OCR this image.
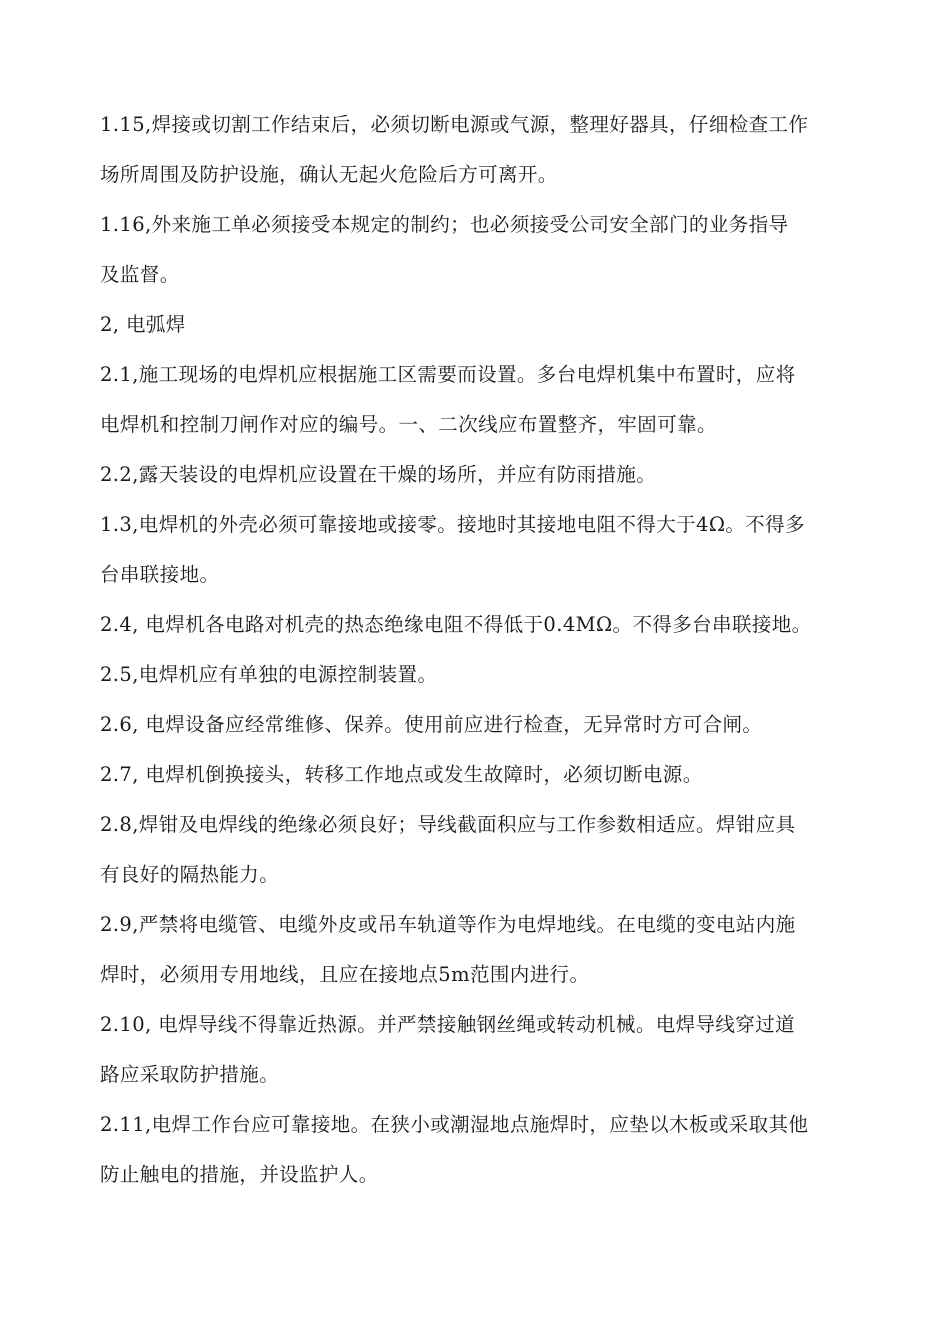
1.15,焊接或切割工作结束后，必须切断电源或气源，整理好器具，仔细检查工作
场所周围及防护设施，确认无起火危险后方可离开。
1.16,外来施工单必须接受本规定的制约；也必须接受公司安全部门的业务指导
及监督。
2, 电弧焊
2.1,施工现场的电焊机应根据施工区需要而设置。多台电焊机集中布置时，应将
电焊机和控制刀闸作对应的编号。一、二次线应布置整齐，牢固可靠。
2.2,露天装设的电焊机应设置在干燥的场所，并应有防雨措施。
1.3,电焊机的外壳必须可靠接地或接零。接地时其接地电阻不得大于4Ω。不得多
台串联接地。
2.4, 电焊机各电路对机壳的热态绝缘电阻不得低于0.4MΩ。不得多台串联接地。
2.5,电焊机应有单独的电源控制装置。
2.6, 电焊设备应经常维修、保养。使用前应进行检查，无异常时方可合闸。
2.7, 电焊机倒换接头，转移工作地点或发生故障时，必须切断电源。
2.8,焊钳及电焊线的绝缘必须良好；导线截面积应与工作参数相适应。焊钳应具
有良好的隔热能力。
2.9,严禁将电缆管、电缆外皮或吊车轨道等作为电焊地线。在电缆的变电站内施
焊时，必须用专用地线，且应在接地点5m范围内进行。
2.10, 电焊导线不得靠近热源。并严禁接触钢丝绳或转动机械。电焊导线穿过道
路应采取防护措施。
2.11,电焊工作台应可靠接地。在狭小或潮湿地点施焊时，应垫以木板或采取其他
防止触电的措施，并设监护人。
